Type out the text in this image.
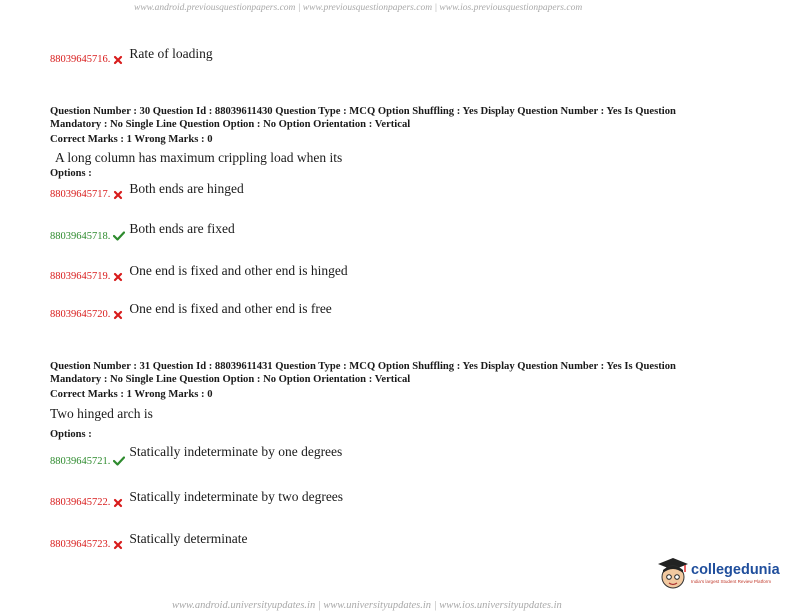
www.android.previousquestionpapers.com | www.previousquestionpapers.com | www.ios.previousquestionpapers.com
www.android.universityupdates.in | www.universityupdates.in | www.ios.universityupdates.in
88039645716. Rate of loading
Question Number : 30 Question Id : 88039611430 Question Type : MCQ Option Shuffling : Yes Display Question Number : Yes Is Question
Mandatory : No Single Line Question Option : No Option Orientation : Vertical
Correct Marks : 1 Wrong Marks : 0
A long column has maximum crippling load when its
Options :
88039645717. Both ends are hinged
88039645718.
Both ends are fixed
88039645719. One end is fixed and other end is hinged
88039645720. One end is fixed and other end is free
Question Number : 31 Question Id : 88039611431 Question Type : MCQ Option Shuffling : Yes Display Question Number : Yes Is Question
Mandatory : No Single Line Question Option : No Option Orientation : Vertical
Correct Marks : 1 Wrong Marks : 0
Two hinged arch is
Options :
88039645721.
Statically indeterminate by one degrees
88039645722. Statically indeterminate by two degrees
88039645723. Statically determinate
collegedunia
India's largest Student Review Platform
